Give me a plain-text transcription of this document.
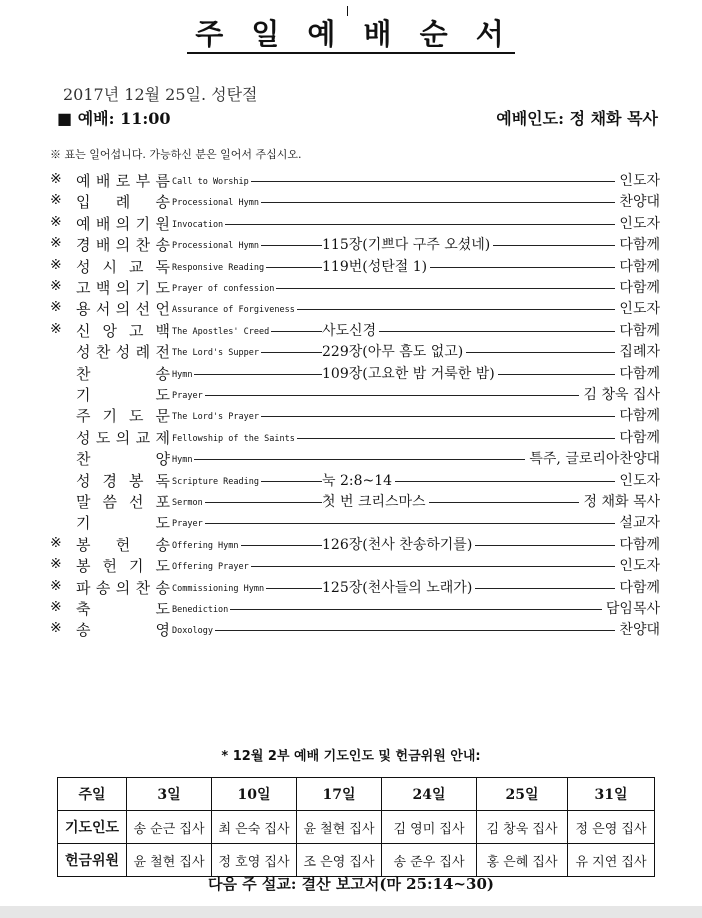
주 일 예 배 순 서
2017년 12월 25일. 성탄절
■ 예배: 11:00	예배인도: 정 채화 목사
※ 표는 일어섭니다. 가능하신 분은 일어서 주십시오.
※ 예 배 로 부 름 Call to Worship	인도자
※ 입 례 송 Processional Hymn	찬양대
※ 예 배 의 기 원 Invocation	인도자
※ 경 배 의 찬 송 Processional Hymn	115장(기쁘다 구주 오셨네)	다함께
※ 성 시 교 독 Responsive Reading	119번(성탄절 1)	다함께
※ 고 백 의 기 도 Prayer of confession	다함께
※ 용 서 의 선 언 Assurance of Forgiveness	인도자
※ 신 앙 고 백 The Apostles' Creed	사도신경	다함께
성 찬 성 례 전 The Lord's Supper	229장(아무 흠도 없고)	집례자
찬	송 Hymn	109장(고요한 밤 거룩한 밤)	다함께
기	도 Prayer	김 창욱 집사
주 기 도 문 The Lord's Prayer	다함께
성 도 의 교 제 Fellowship of the Saints	다함께
찬	양 Hymn	특주, 글로리아찬양대
성 경 봉 독 Scripture Reading	눅 2:8~14	인도자
말 씀 선 포 Sermon	첫 번 크리스마스	정 채화 목사
기	도 Prayer	설교자
※ 봉 헌 송 Offering Hymn	126장(천사 찬송하기를)	다함께
※ 봉 헌 기 도 Offering Prayer	인도자
※ 파 송 의 찬 송 Commissioning Hymn	125장(천사들의 노래가)	다함께
※ 축	도 Benediction	담임목사
※ 송	영 Doxology	찬양대
* 12월 2부 예배 기도인도 및 헌금위원 안내:
주일	3일	10일	17일	24일	25일	31일
기도인도	송 순근 집사	최 은숙 집사	윤 철현 집사	김 영미 집사	김 창욱 집사	정 은영 집사
헌금위원	윤 철현 집사	정 호영 집사	조 은영 집사	송 준우 집사	홍 은혜 집사	유 지연 집사
다음 주 설교: 결산 보고서(마 25:14~30)
